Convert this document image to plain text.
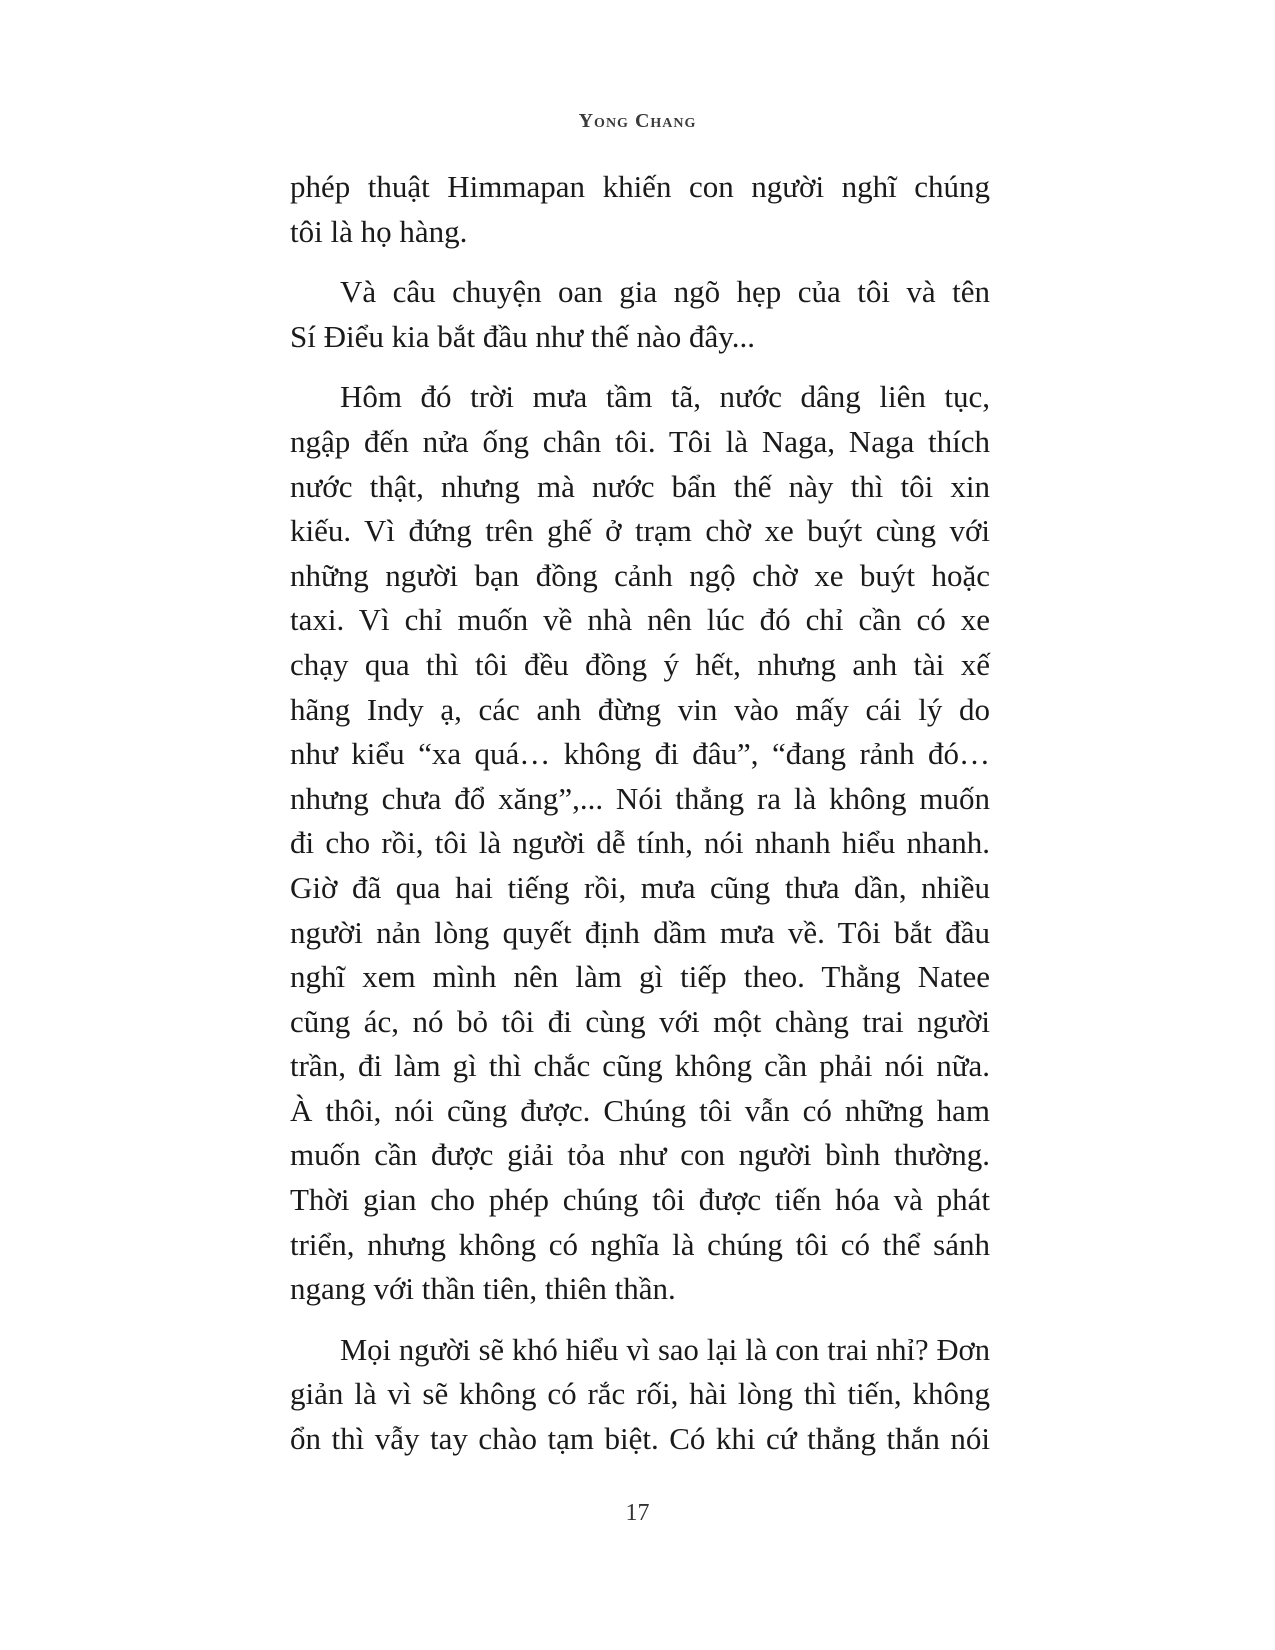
Yong Chang
phép thuật Himmapan khiến con người nghĩ chúng
tôi là họ hàng.
Và câu chuyện oan gia ngõ hẹp của tôi và tên
Sí Điểu kia bắt đầu như thế nào đây...
Hôm đó trời mưa tầm tã, nước dâng liên tục,
ngập đến nửa ống chân tôi. Tôi là Naga, Naga thích
nước thật, nhưng mà nước bẩn thế này thì tôi xin
kiếu. Vì đứng trên ghế ở trạm chờ xe buýt cùng với
những người bạn đồng cảnh ngộ chờ xe buýt hoặc
taxi. Vì chỉ muốn về nhà nên lúc đó chỉ cần có xe
chạy qua thì tôi đều đồng ý hết, nhưng anh tài xế
hãng Indy ạ, các anh đừng vin vào mấy cái lý do
như kiểu “xa quá… không đi đâu”, “đang rảnh đó…
nhưng chưa đổ xăng”,... Nói thẳng ra là không muốn
đi cho rồi, tôi là người dễ tính, nói nhanh hiểu nhanh.
Giờ đã qua hai tiếng rồi, mưa cũng thưa dần, nhiều
người nản lòng quyết định dầm mưa về. Tôi bắt đầu
nghĩ xem mình nên làm gì tiếp theo. Thằng Natee
cũng ác, nó bỏ tôi đi cùng với một chàng trai người
trần, đi làm gì thì chắc cũng không cần phải nói nữa.
À thôi, nói cũng được. Chúng tôi vẫn có những ham
muốn cần được giải tỏa như con người bình thường.
Thời gian cho phép chúng tôi được tiến hóa và phát
triển, nhưng không có nghĩa là chúng tôi có thể sánh
ngang với thần tiên, thiên thần.
Mọi người sẽ khó hiểu vì sao lại là con trai nhỉ? Đơn
giản là vì sẽ không có rắc rối, hài lòng thì tiến, không
ổn thì vẫy tay chào tạm biệt. Có khi cứ thẳng thắn nói
17
